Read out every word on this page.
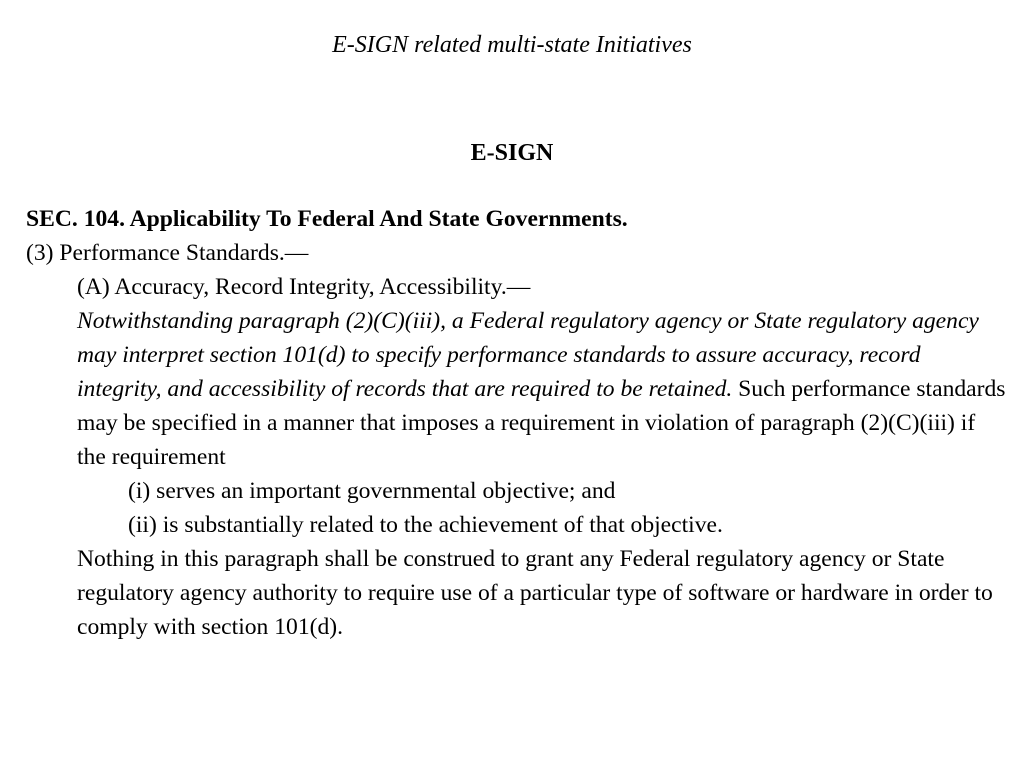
E-SIGN related multi-state Initiatives
E-SIGN

SEC. 104. Applicability To Federal And State Governments.

(3) Performance Standards.—

(A) Accuracy, Record Integrity, Accessibility.—

Notwithstanding paragraph (2)(C)(iii), a Federal regulatory agency or State regulatory agency may interpret section 101(d) to specify performance standards to assure accuracy, record integrity, and accessibility of records that are required to be retained. Such performance standards may be specified in a manner that imposes a requirement in violation of paragraph (2)(C)(iii) if the requirement

(i) serves an important governmental objective; and

(ii) is substantially related to the achievement of that objective.

Nothing in this paragraph shall be construed to grant any Federal regulatory agency or State regulatory agency authority to require use of a particular type of software or hardware in order to comply with section 101(d).
